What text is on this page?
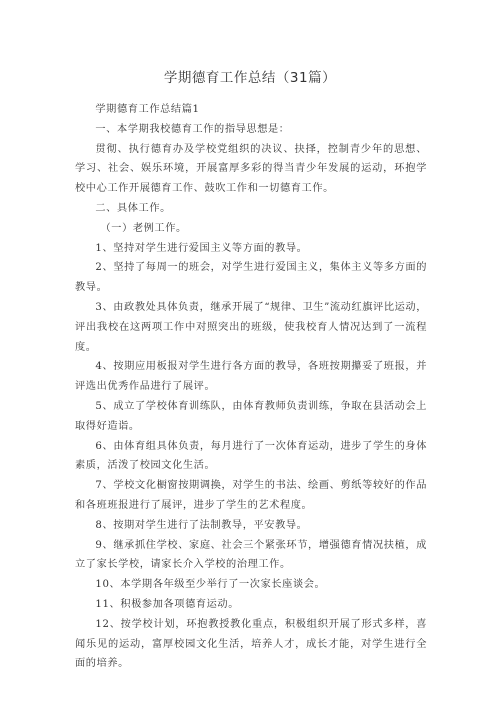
学期德育工作总结（31篇）

学期德育工作总结篇1

一、本学期我校德育工作的指导思想是：

贯彻、执行德育办及学校党组织的决议、抉择，控制青少年的思想、学习、社会、娱乐环境，开展富厚多彩的得当青少年发展的运动，环抱学校中心工作开展德育工作、鼓吹工作和一切德育工作。

二、具体工作。

（一）老例工作。

1、坚持对学生进行爱国主义等方面的教导。

2、坚持了每周一的班会，对学生进行爱国主义，集体主义等多方面的教导。

3、由政教处具体负责，继承开展了“规律、卫生”流动红旗评比运动，评出我校在这两项工作中对照突出的班级，使我校育人情况达到了一流程度。

4、按期应用板报对学生进行各方面的教导，各班按期攥妥了班报，并评选出优秀作品进行了展评。

5、成立了学校体育训练队，由体育教师负责训练，争取在县活动会上取得好造诣。

6、由体育组具体负责，每月进行了一次体育运动，进步了学生的身体素质，活泼了校园文化生活。

7、学校文化橱窗按期调换，对学生的书法、绘画、剪纸等较好的作品和各班班报进行了展评，进步了学生的艺术程度。

8、按期对学生进行了法制教导，平安教导。

9、继承抓住学校、家庭、社会三个紧张环节，增强德育情况扶植，成立了家长学校，请家长介入学校的治理工作。

10、本学期各年级至少举行了一次家长座谈会。

11、积极参加各项德育运动。

12、按学校计划，环抱教授教化重点，积极组织开展了形式多样，喜闻乐见的运动，富厚校园文化生活，培养人才，成长才能，对学生进行全面的培养。
